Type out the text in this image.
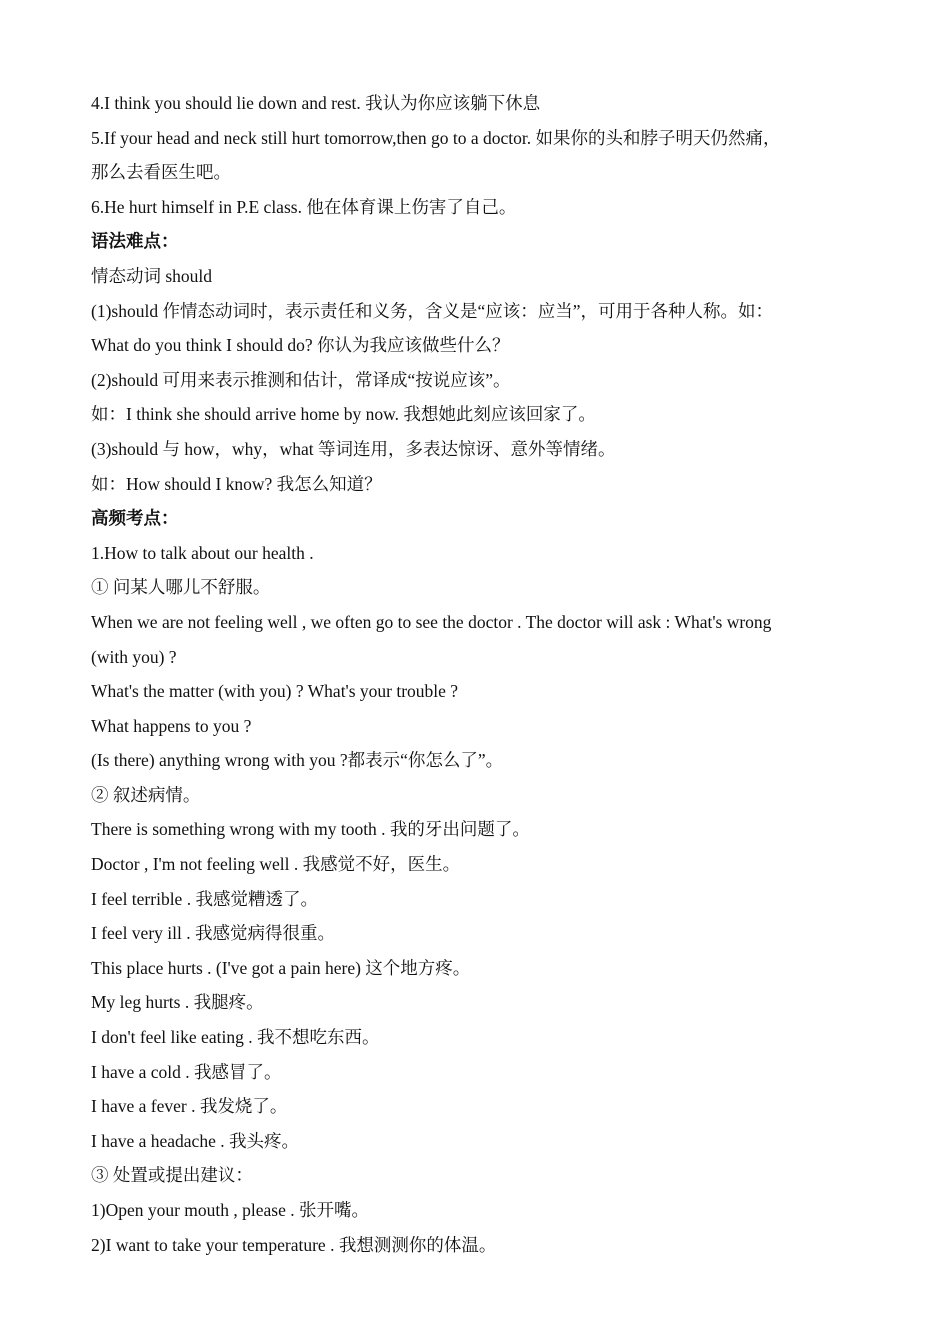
4.I think you should lie down and rest. 我认为你应该躺下休息
5.If your head and neck still hurt tomorrow,then go to a doctor. 如果你的头和脖子明天仍然痛，
那么去看医生吧。
6.He hurt himself in P.E class. 他在体育课上伤害了自己。
语法难点：
情态动词 should
(1)should 作情态动词时，表示责任和义务，含义是“应该：应当”，可用于各种人称。如：
What do you think I should do? 你认为我应该做些什么？
(2)should 可用来表示推测和估计，常译成“按说应该”。
如：I think she should arrive home by now. 我想她此刻应该回家了。
(3)should 与 how，why，what 等词连用，多表达惊讶、意外等情绪。
如：How should I know? 我怎么知道？
高频考点：
1.How to talk about our health .
① 问某人哪儿不舒服。
When we are not feeling well , we often go to see the doctor . The doctor will ask : What's wrong
(with you) ?
What's the matter (with you) ? What's your trouble ?
What happens to you ?
(Is there) anything wrong with you ?都表示“你怎么了”。
② 叙述病情。
There is something wrong with my tooth . 我的牙出问题了。
Doctor , I'm not feeling well . 我感觉不好，医生。
I feel terrible . 我感觉糟透了。
I feel very ill . 我感觉病得很重。
This place hurts . (I've got a pain here) 这个地方疼。
My leg hurts . 我腿疼。
I don't feel like eating . 我不想吃东西。
I have a cold . 我感冒了。
I have a fever . 我发烧了。
I have a headache . 我头疼。
③ 处置或提出建议：
1)Open your mouth , please . 张开嘴。
2)I want to take your temperature . 我想测测你的体温。
